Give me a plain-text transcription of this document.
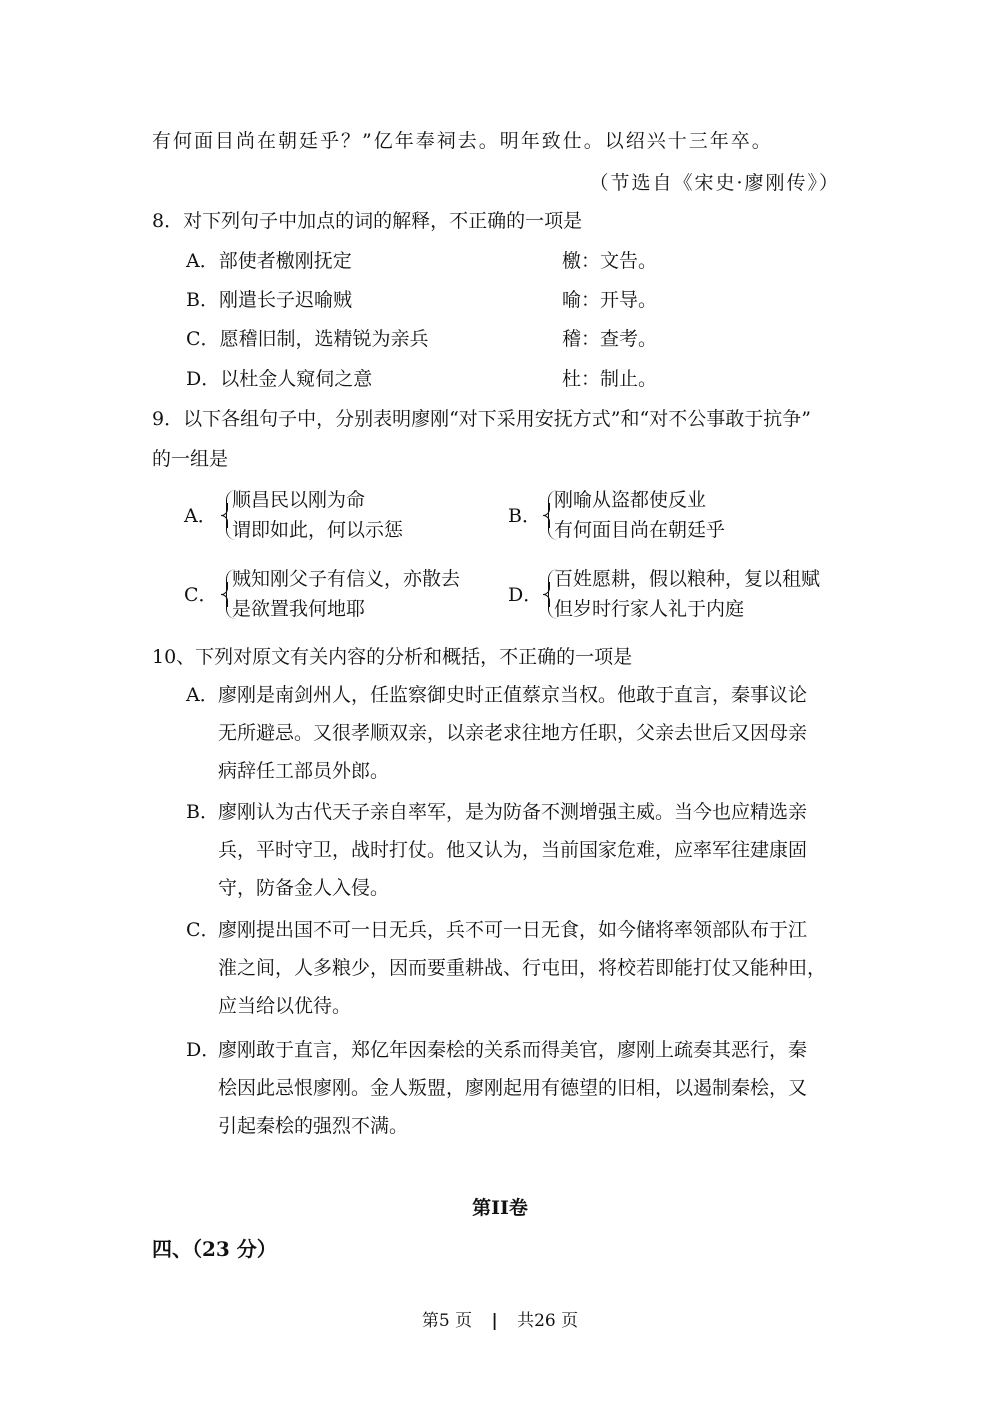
有何面目尚在朝廷乎？”亿年奉祠去。明年致仕。以绍兴十三年卒。
（节选自《宋史·廖刚传》）
8．对下列句子中加点的词的解释，不正确的一项是
A．部使者檄刚抚定	檄：文告。
B．刚遣长子迟喻贼	喻：开导。
C．愿稽旧制，选精锐为亲兵	稽：查考。
D．以杜金人窥伺之意	杜：制止。
9．以下各组句子中，分别表明廖刚“对下采用安抚方式”和“对不公事敢于抗争”
的一组是
A．
顺昌民以刚为命
谓即如此，何以示惩
B．
刚喻从盗都使反业
有何面目尚在朝廷乎
C．
贼知刚父子有信义，亦散去
是欲置我何地耶
D．
百姓愿耕，假以粮种，复以租赋
但岁时行家人礼于内庭
10、下列对原文有关内容的分析和概括，不正确的一项是
A． 廖刚是南剑州人，任监察御史时正值蔡京当权。他敢于直言，秦事议论
无所避忌。又很孝顺双亲，以亲老求往地方任职，父亲去世后又因母亲
病辞任工部员外郎。
B． 廖刚认为古代天子亲自率军，是为防备不测增强主威。当今也应精选亲
兵，平时守卫，战时打仗。他又认为，当前国家危难，应率军往建康固
守，防备金人入侵。
C．
廖刚提出国不可一日无兵，兵不可一日无食，如今储将率领部队布于江
淮之间，人多粮少，因而要重耕战、行屯田，将校若即能打仗又能种田，
应当给以优待。
D．
廖刚敢于直言，郑亿年因秦桧的关系而得美官，廖刚上疏奏其恶行，秦
桧因此忌恨廖刚。金人叛盟，廖刚起用有德望的旧相，以遏制秦桧，又
引起秦桧的强烈不满。
第II卷
四、（23 分）
第5 页 | 共26 页
